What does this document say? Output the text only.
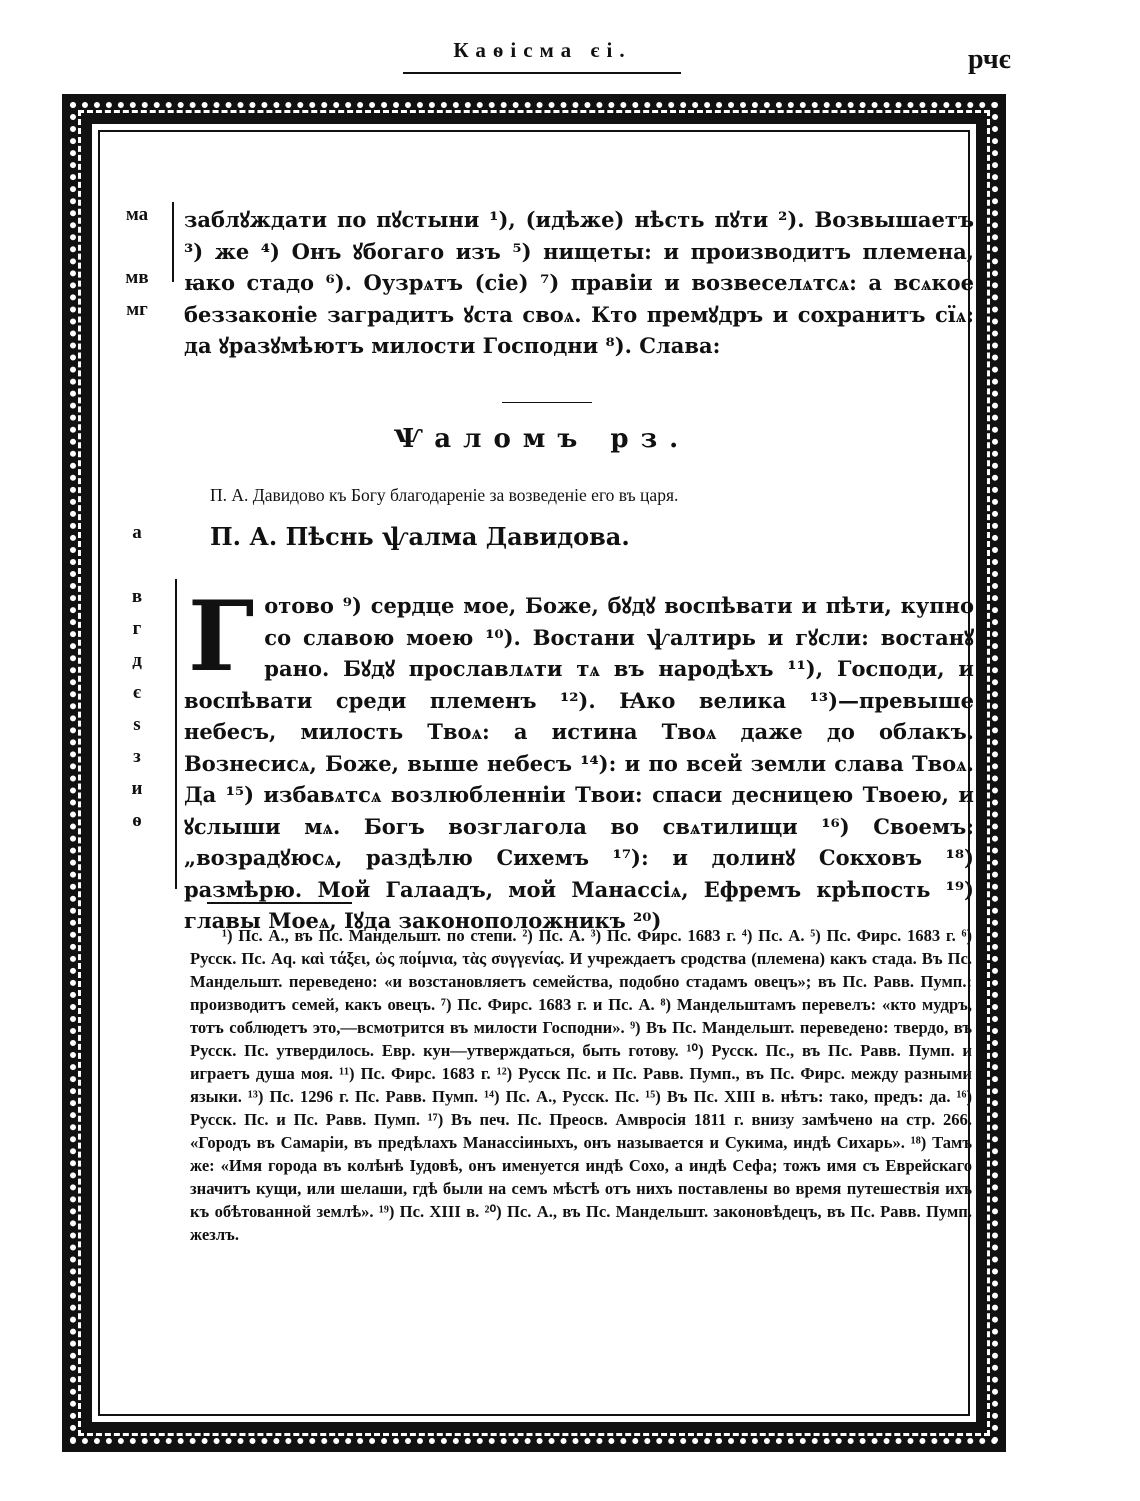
Каѳісма єі.	рчє
ма
мв
мг
заблꙋждати по пꙋстыни ¹), (идѣже) нѣсть пꙋти ²). Возвышаетъ ³) же ⁴) Онъ ꙋбогаго изъ ⁵) нищеты: и производитъ племена, ꙗко стадо ⁶). Оузрѧтъ (сіе) ⁷) правіи и возвеселѧтсѧ: а всѧкое беззаконіе заградитъ ꙋста своѧ. Кто премꙋдръ и сохранитъ сїѧ: да ꙋразꙋмѣютъ милости Господни ⁸). Слава:
Ѱаломъ рз.
П. А. Давидово къ Богу благодареніе за возведеніе его въ царя.
П. А. Пѣснь ѱалма Давидова.
а
в
г
д
є
ѕ
з
и
ѳ
Г отово ⁹) сердце мое, Боже, бꙋдꙋ воспѣвати и пѣти, купно со славою моею ¹⁰). Востани ѱалтирь и гꙋсли: востанꙋ рано. Бꙋдꙋ прославлѧти тѧ въ народѣхъ ¹¹), Господи, и воспѣвати среди племенъ ¹²). Ꙗко велика ¹³)—превыше небесъ, милость Твоѧ: а истина Твоѧ даже до облакъ. Вознесисѧ, Боже, выше небесъ ¹⁴): и по всей земли слава Твоѧ. Да ¹⁵) избавѧтсѧ возлюбленніи Твои: спаси десницею Твоею, и ꙋслыши мѧ. Богъ возглагола во свѧтилищи ¹⁶) Своемъ: „возрадꙋюсѧ, раздѣлю Сихемъ ¹⁷): и долинꙋ Сокховъ ¹⁸) размѣрю. Мой Галаадъ, мой Манассіѧ, Ефремъ крѣпость ¹⁹) главы Моеѧ, Іꙋда законоположникъ ²⁰)
¹) Пс. А., въ Пс. Мандельшт. по степи. ²) Пс. А. ³) Пс. Фирс. 1683 г. ⁴) Пс. А. ⁵) Пс. Фирс. 1683 г. ⁶) Русск. Пс. Aq. καὶ τάξει, ὡς ποίμνια, τὰς συγγενίας. И учреждаетъ сродства (племена) какъ стада. Въ Пс. Мандельшт. переведено: «и возстановляетъ семейства, подобно стадамъ овецъ»; въ Пс. Равв. Пумп.: производитъ семей, какъ овецъ. ⁷) Пс. Фирс. 1683 г. и Пс. А. ⁸) Мандельштамъ перевелъ: «кто мудръ, тотъ соблюдетъ это,—всмотрится въ милости Господни». ⁹) Въ Пс. Мандельшт. переведено: твердо, въ Русск. Пс. утвердилось. Евр. кун—утверждаться, быть готову. ¹⁰) Русск. Пс., въ Пс. Равв. Пумп. и играетъ душа моя. ¹¹) Пс. Фирс. 1683 г. ¹²) Русск Пс. и Пс. Равв. Пумп., въ Пс. Фирс. между разными языки. ¹³) Пс. 1296 г. Пс. Равв. Пумп. ¹⁴) Пс. А., Русск. Пс. ¹⁵) Въ Пс. XIII в. нѣтъ: тако, предъ: да. ¹⁶) Русск. Пс. и Пс. Равв. Пумп. ¹⁷) Въ печ. Пс. Преосв. Амвросія 1811 г. внизу замѣчено на стр. 266. «Городъ въ Самаріи, въ предѣлахъ Манассіиныхъ, онъ называется и Сукима, индѣ Сихарь». ¹⁸) Тамъ же: «Имя города въ колѣнѣ Іудовѣ, онъ именуется индѣ Сохо, а индѣ Сефа; тожъ имя съ Еврейскаго значитъ кущи, или шелаши, гдѣ были на семъ мѣстѣ отъ нихъ поставлены во время путешествія ихъ къ обѣтованной землѣ». ¹⁹) Пс. XIII в. ²⁰) Пс. А., въ Пс. Мандельшт. законовѣдецъ, въ Пс. Равв. Пумп. жезлъ.
